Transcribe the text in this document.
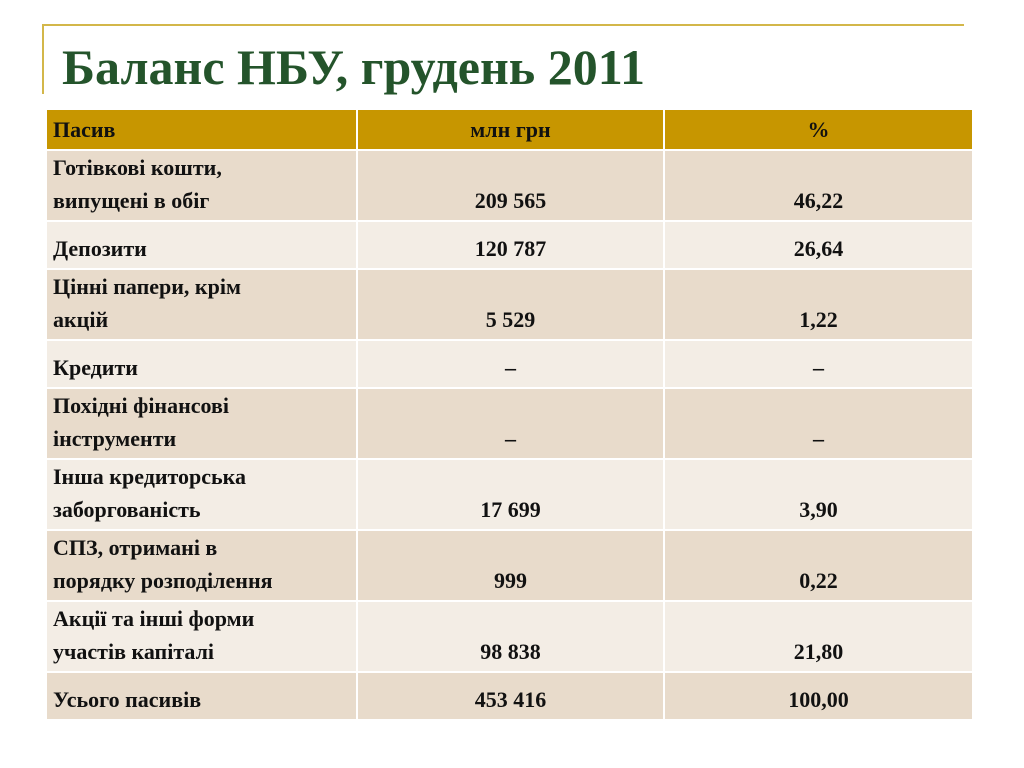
Баланс НБУ, грудень 2011
Пасив	млн грн	%
Готівкові кошти,
випущені в обіг	209 565	46,22
Депозити	120 787	26,64
Цінні папери, крім
акцій	5 529	1,22
Кредити	–	–
Похідні фінансові
інструменти	–	–
Інша кредиторська
заборгованість	17 699	3,90
СПЗ, отримані в
порядку розподілення	999	0,22
Акції та інші форми
участів капіталі	98 838	21,80
Усього пасивів	453 416	100,00
